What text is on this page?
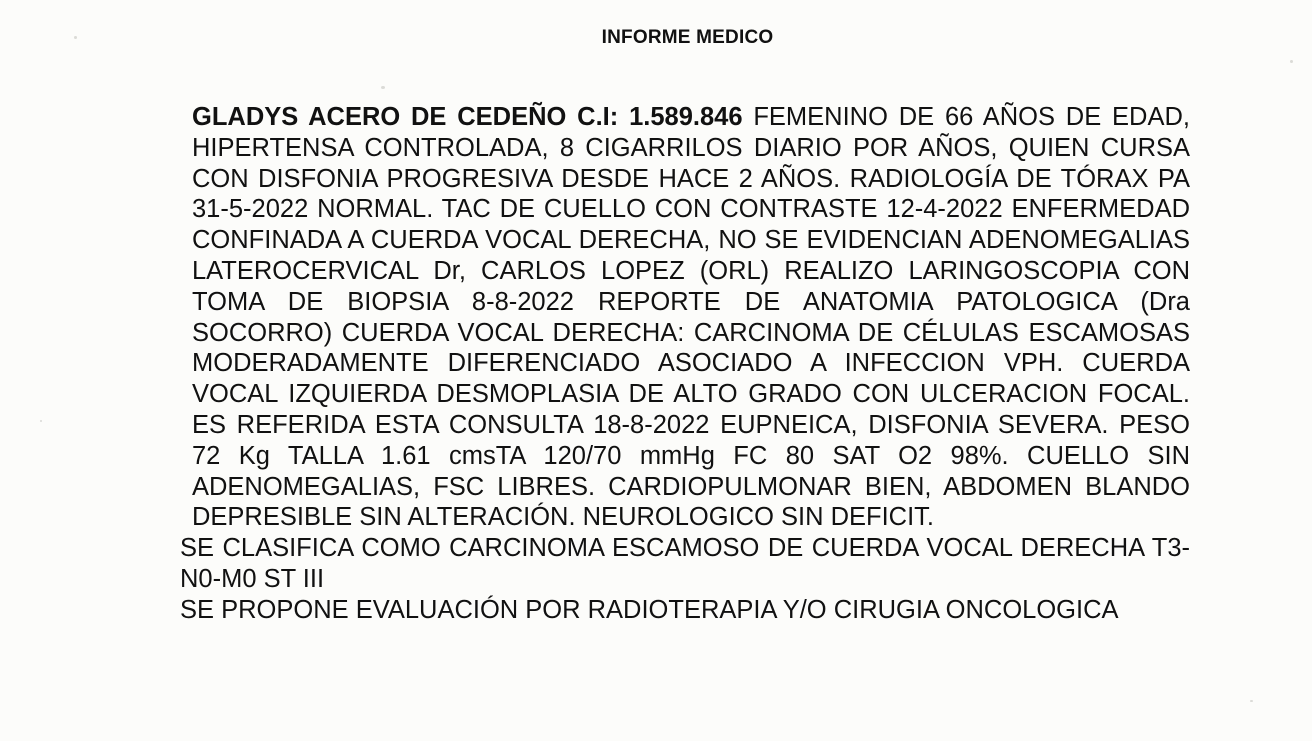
INFORME MEDICO

GLADYS ACERO DE CEDEÑO C.I: 1.589.846 FEMENINO DE 66 AÑOS DE EDAD, HIPERTENSA CONTROLADA, 8 CIGARRILOS DIARIO POR AÑOS, QUIEN CURSA CON DISFONIA PROGRESIVA DESDE HACE 2 AÑOS. RADIOLOGÍA DE TÓRAX PA 31-5-2022 NORMAL. TAC DE CUELLO CON CONTRASTE 12-4-2022 ENFERMEDAD CONFINADA A CUERDA VOCAL DERECHA, NO SE EVIDENCIAN ADENOMEGALIAS LATEROCERVICAL Dr, CARLOS LOPEZ (ORL) REALIZO LARINGOSCOPIA CON TOMA DE BIOPSIA 8-8-2022 REPORTE DE ANATOMIA PATOLOGICA (Dra SOCORRO) CUERDA VOCAL DERECHA: CARCINOMA DE CÉLULAS ESCAMOSAS MODERADAMENTE DIFERENCIADO ASOCIADO A INFECCION VPH. CUERDA VOCAL IZQUIERDA DESMOPLASIA DE ALTO GRADO CON ULCERACION FOCAL. ES REFERIDA ESTA CONSULTA 18-8-2022 EUPNEICA, DISFONIA SEVERA. PESO 72 Kg TALLA 1.61 cmsTA 120/70 mmHg FC 80 SAT O2 98%. CUELLO SIN ADENOMEGALIAS, FSC LIBRES. CARDIOPULMONAR BIEN, ABDOMEN BLANDO DEPRESIBLE SIN ALTERACIÓN. NEUROLOGICO SIN DEFICIT.

SE CLASIFICA COMO CARCINOMA ESCAMOSO DE CUERDA VOCAL DERECHA T3-N0-M0 ST III

SE PROPONE EVALUACIÓN POR RADIOTERAPIA Y/O CIRUGIA ONCOLOGICA
